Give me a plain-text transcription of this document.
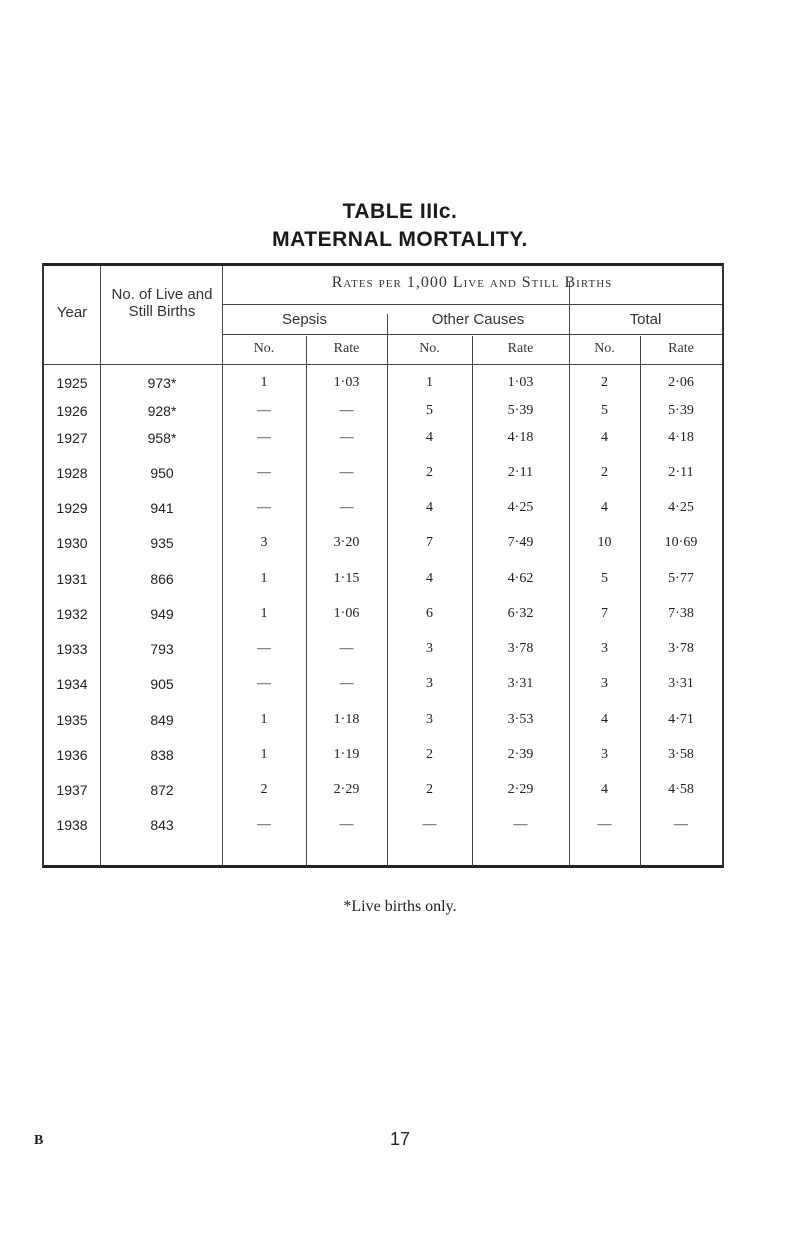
TABLE IIIc.
MATERNAL MORTALITY.
Year
No. of Live and Still Births
Rates per 1,000 Live and Still Births
Sepsis	Other Causes	Total
No.	Rate	No.	Rate	No.	Rate
1925	973*	1	1·03	1	1·03	2	2·06
1926	928*	—	—	5	5·39	5	5·39
1927	958*	—	—	4	4·18	4	4·18
1928	950	—	—	2	2·11	2	2·11
1929	941	—	—	4	4·25	4	4·25
1930	935	3	3·20	7	7·49	10	10·69
1931	866	1	1·15	4	4·62	5	5·77
1932	949	1	1·06	6	6·32	7	7·38
1933	793	—	—	3	3·78	3	3·78
1934	905	—	—	3	3·31	3	3·31
1935	849	1	1·18	3	3·53	4	4·71
1936	838	1	1·19	2	2·39	3	3·58
1937	872	2	2·29	2	2·29	4	4·58
1938	843	—	—	—	—	—	—
*Live births only.
B	17
